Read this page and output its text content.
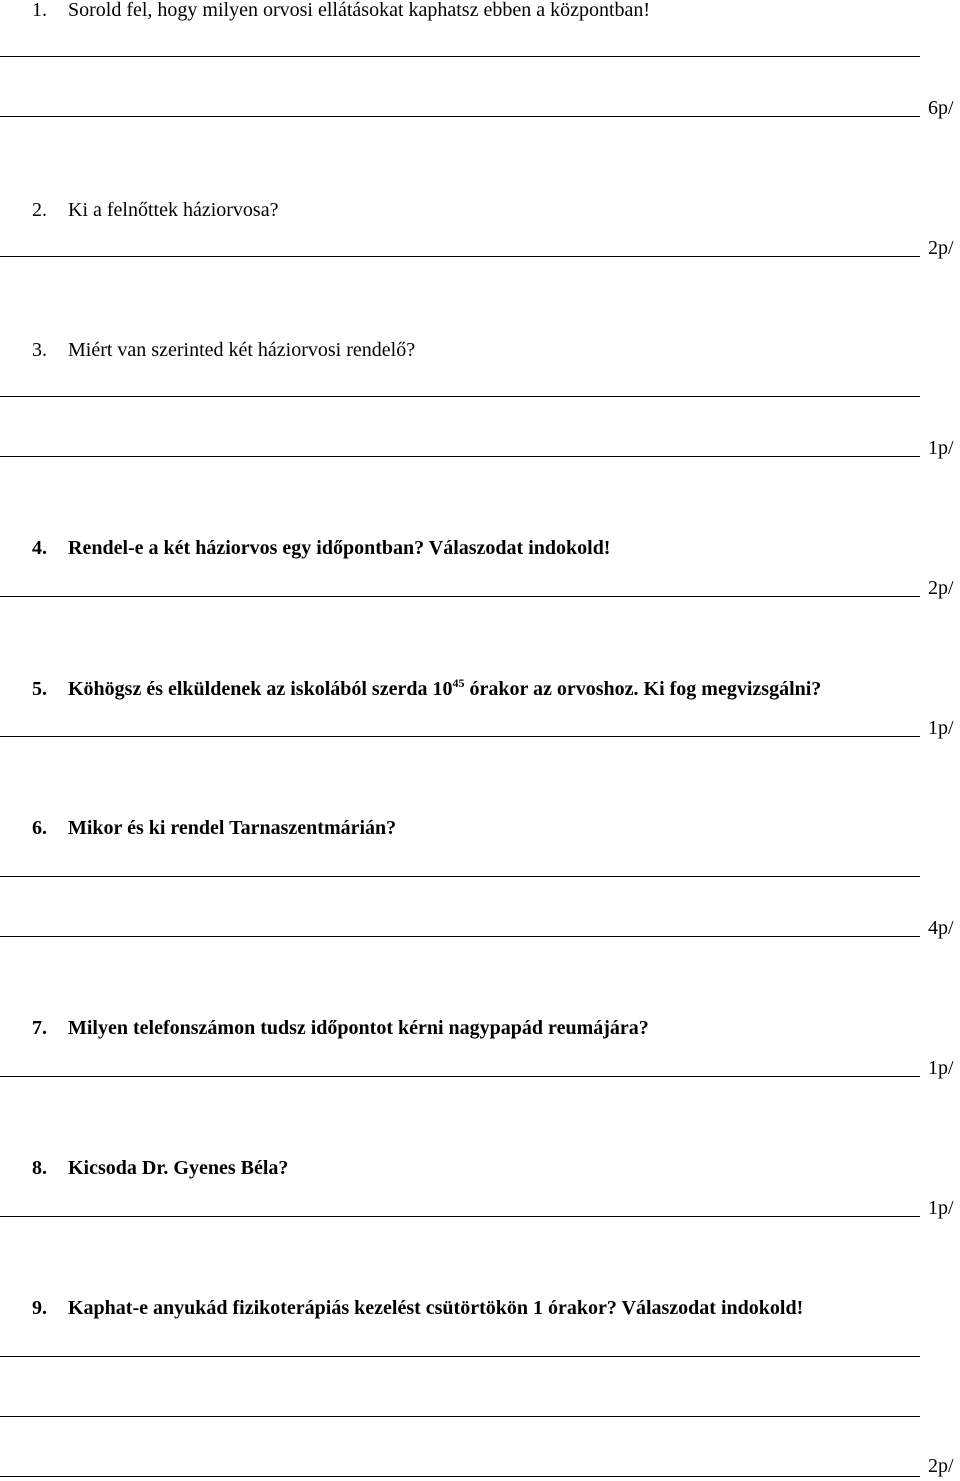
1. Sorold fel, hogy milyen orvosi ellátásokat kaphatsz ebben a központban!
6p/
2. Ki a felnőttek háziorvosa?
2p/
3. Miért van szerinted két háziorvosi rendelő?
1p/
4. Rendel-e a két háziorvos egy időpontban? Válaszodat indokold!
2p/
5. Köhögsz és elküldenek az iskolából szerda $10^{45}$ órakor az orvoshoz. Ki fog megvizsgálni?
1p/
6. Mikor és ki rendel Tarnaszentmárián?
4p/
7. Milyen telefonszámon tudsz időpontot kérni nagypapád reumájára?
1p/
8. Kicsoda Dr. Gyenes Béla?
1p/
9. Kaphat-e anyukád fizikoterápiás kezelést csütörtökön 1 órakor? Válaszodat indokold!
2p/
